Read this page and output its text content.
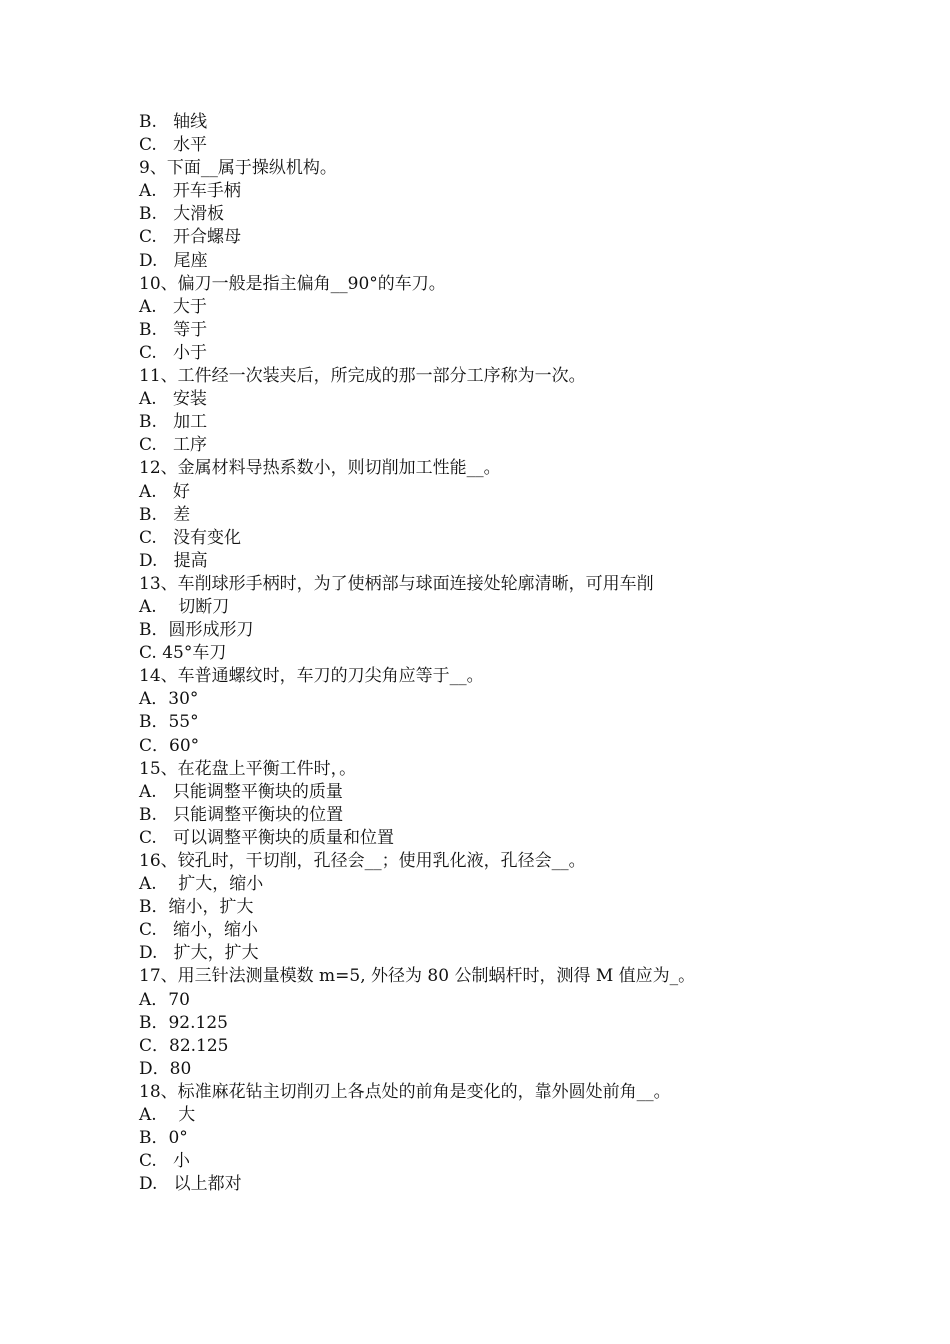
B.   轴线
C.   水平
9、下面__属于操纵机构。
A.   开车手柄
B.   大滑板
C.   开合螺母
D.   尾座
10、偏刀一般是指主偏角__90°的车刀。
A.   大于
B.   等于
C.   小于
11、工件经一次装夹后，所完成的那一部分工序称为一次。
A.   安装
B.   加工
C.   工序
12、金属材料导热系数小，则切削加工性能__。
A.   好
B.   差
C.   没有变化
D.   提高
13、车削球形手柄时，为了使柄部与球面连接处轮廓清晰，可用车削
A.    切断刀
B．圆形成形刀
C. 45°车刀
14、车普通螺纹时，车刀的刀尖角应等于__。
A．30°
B．55°
C．60°
15、在花盘上平衡工件时，。
A.   只能调整平衡块的质量
B.   只能调整平衡块的位置
C.   可以调整平衡块的质量和位置
16、铰孔时，干切削，孔径会__；使用乳化液，孔径会__。
A.    扩大，缩小
B．缩小，扩大
C.   缩小，缩小
D.   扩大，扩大
17、用三针法测量模数 m=5, 外径为 80 公制蜗杆时，测得 M 值应为_。
A．70
B．92.125
C．82.125
D．80
18、标准麻花钻主切削刃上各点处的前角是变化的，靠外圆处前角__。
A.    大
B．0°
C.   小
D.   以上都对
